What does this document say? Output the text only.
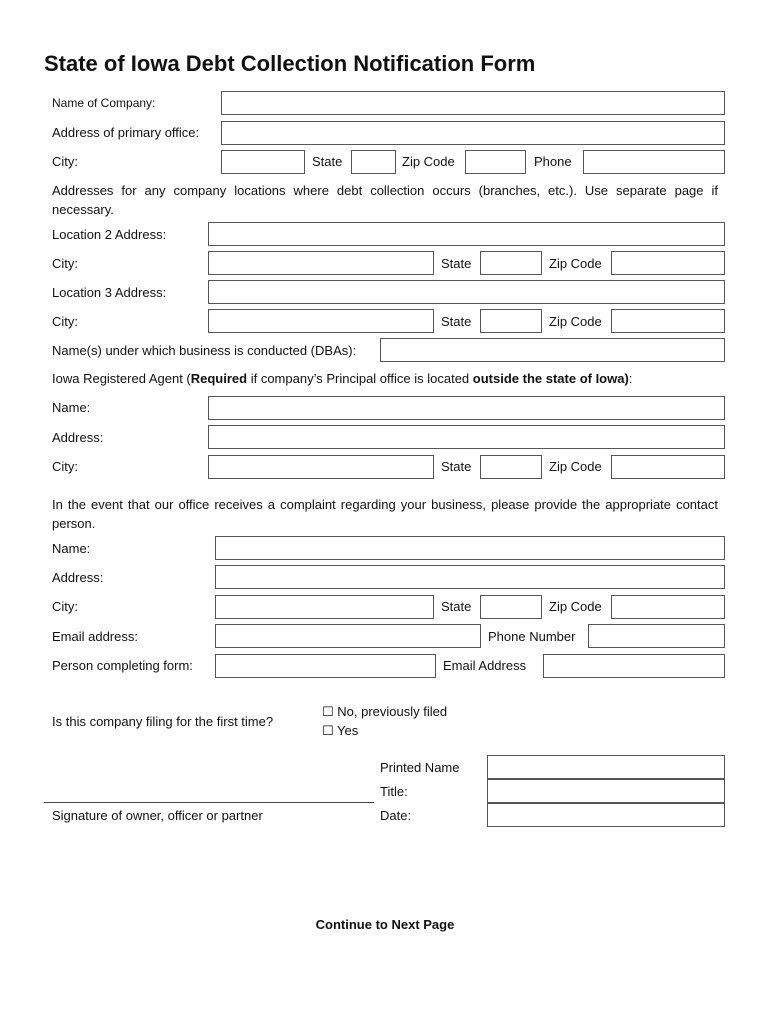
State of Iowa Debt Collection Notification Form
Name of Company:
Address of primary office:
City:	State	Zip Code	Phone
Addresses for any company locations where debt collection occurs (branches, etc.). Use separate page if necessary.
Location 2 Address:
City:	State	Zip Code
Location 3 Address:
City:	State	Zip Code
Name(s) under which business is conducted (DBAs):
Iowa Registered Agent (Required if company’s Principal office is located outside the state of Iowa):
Name:
Address:
City:	State	Zip Code
In the event that our office receives a complaint regarding your business, please provide the appropriate contact person.
Name:
Address:
City:	State	Zip Code
Email address:	Phone Number
Person completing form:	Email Address
Is this company filing for the first time?
☐ No, previously filed
☐ Yes
Signature of owner, officer or partner
Printed Name
Title:
Date:
Continue to Next Page
